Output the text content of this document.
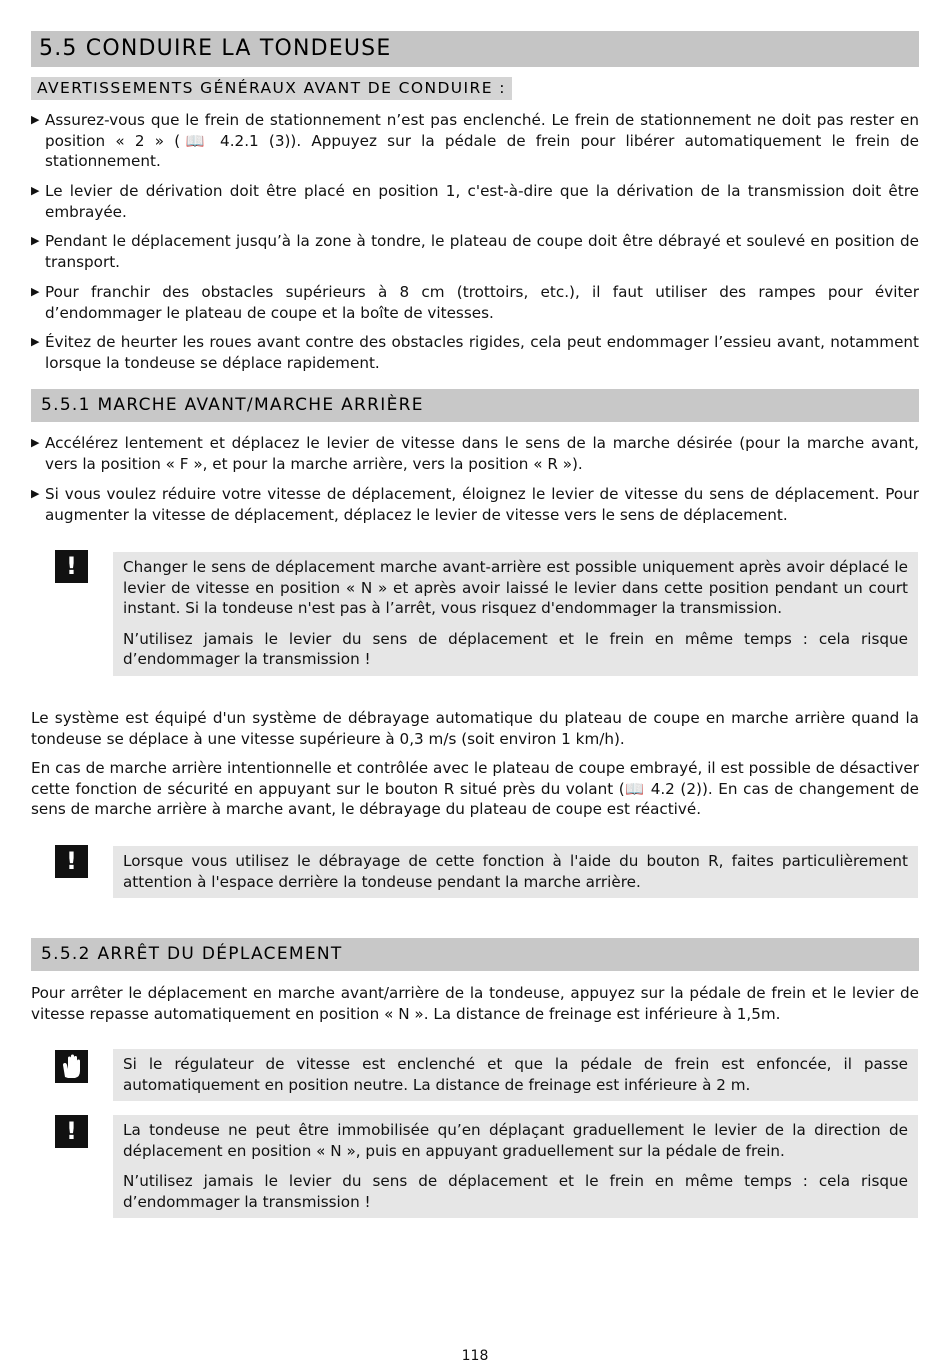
5.5 CONDUIRE LA TONDEUSE
AVERTISSEMENTS GÉNÉRAUX AVANT DE CONDUIRE :
▶ Assurez-vous que le frein de stationnement n’est pas enclenché. Le frein de stationnement ne doit pas rester en position « 2 » (📖 4.2.1 (3)). Appuyez sur la pédale de frein pour libérer automatiquement le frein de stationnement.
▶ Le levier de dérivation doit être placé en position 1, c'est-à-dire que la dérivation de la transmission doit être embrayée.
▶ Pendant le déplacement jusqu’à la zone à tondre, le plateau de coupe doit être débrayé et soulevé en position de transport.
▶ Pour franchir des obstacles supérieurs à 8 cm (trottoirs, etc.), il faut utiliser des rampes pour éviter d’endommager le plateau de coupe et la boîte de vitesses.
▶ Évitez de heurter les roues avant contre des obstacles rigides, cela peut endommager l’essieu avant, notamment lorsque la tondeuse se déplace rapidement.
5.5.1 MARCHE AVANT/MARCHE ARRIÈRE
▶ Accélérez lentement et déplacez le levier de vitesse dans le sens de la marche désirée (pour la marche avant, vers la position « F », et pour la marche arrière, vers la position « R »).
▶ Si vous voulez réduire votre vitesse de déplacement, éloignez le levier de vitesse du sens de déplacement. Pour augmenter la vitesse de déplacement, déplacez le levier de vitesse vers le sens de déplacement.
!	Changer le sens de déplacement marche avant-arrière est possible uniquement après avoir déplacé le levier de vitesse en position « N » et après avoir laissé le levier dans cette position pendant un court instant. Si la tondeuse n'est pas à l’arrêt, vous risquez d'endommager la transmission.

N’utilisez jamais le levier du sens de déplacement et le frein en même temps : cela risque d’endommager la transmission !

Le système est équipé d'un système de débrayage automatique du plateau de coupe en marche arrière quand la tondeuse se déplace à une vitesse supérieure à 0,3 m/s (soit environ 1 km/h).
En cas de marche arrière intentionnelle et contrôlée avec le plateau de coupe embrayé, il est possible de désactiver cette fonction de sécurité en appuyant sur le bouton R situé près du volant (📖 4.2 (2)). En cas de changement de sens de marche arrière à marche avant, le débrayage du plateau de coupe est réactivé.
!	Lorsque vous utilisez le débrayage de cette fonction à l'aide du bouton R, faites particulièrement attention à l'espace derrière la tondeuse pendant la marche arrière.

5.5.2 ARRÊT DU DÉPLACEMENT
Pour arrêter le déplacement en marche avant/arrière de la tondeuse, appuyez sur la pédale de frein et le levier de vitesse repasse automatiquement en position « N ». La distance de freinage est inférieure à 1,5m.

Si le régulateur de vitesse est enclenché et que la pédale de frein est enfoncée, il passe automatiquement en position neutre. La distance de freinage est inférieure à 2 m.

!	La tondeuse ne peut être immobilisée qu’en déplaçant graduellement le levier de la direction de déplacement en position « N », puis en appuyant graduellement sur la pédale de frein.

N’utilisez jamais le levier du sens de déplacement et le frein en même temps : cela risque d’endommager la transmission !

118
